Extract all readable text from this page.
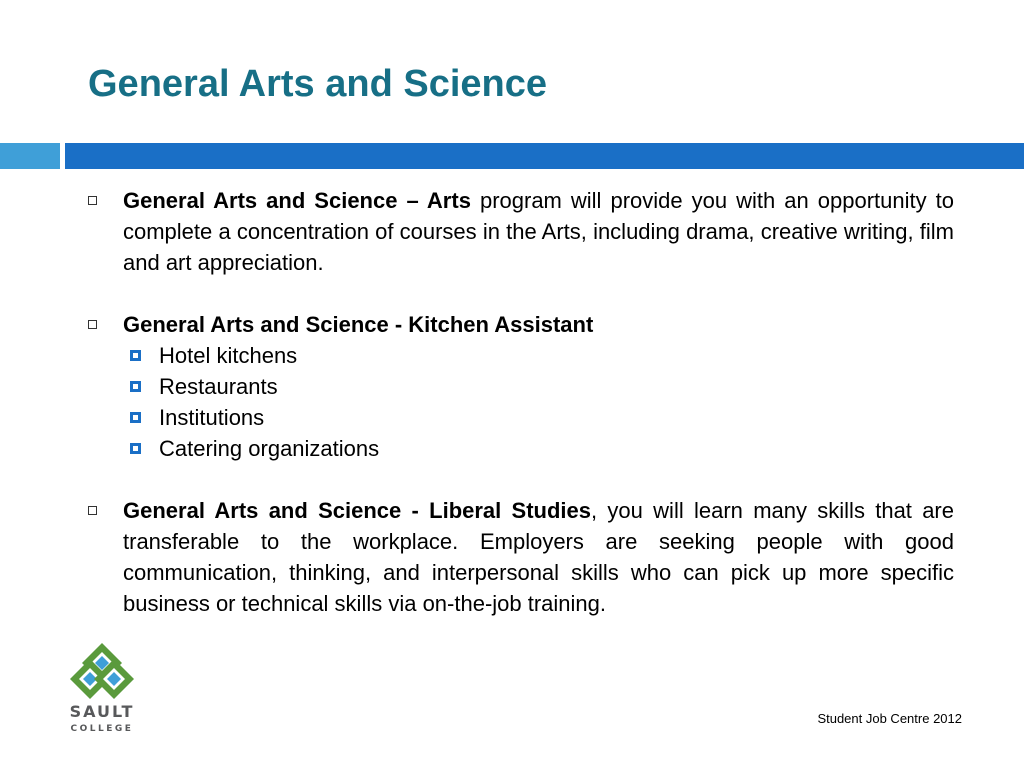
General Arts and Science
General Arts and Science – Arts program will provide you with an opportunity to complete a concentration of courses in the Arts, including drama, creative writing, film and art appreciation.
General Arts and Science - Kitchen Assistant
Hotel kitchens
Restaurants
Institutions
Catering organizations
General Arts and Science - Liberal Studies, you will learn many skills that are transferable to the workplace. Employers are seeking people with good communication, thinking, and interpersonal skills who can pick up more specific business or technical skills via on-the-job training.
SAULT
COLLEGE
Student Job Centre 2012
